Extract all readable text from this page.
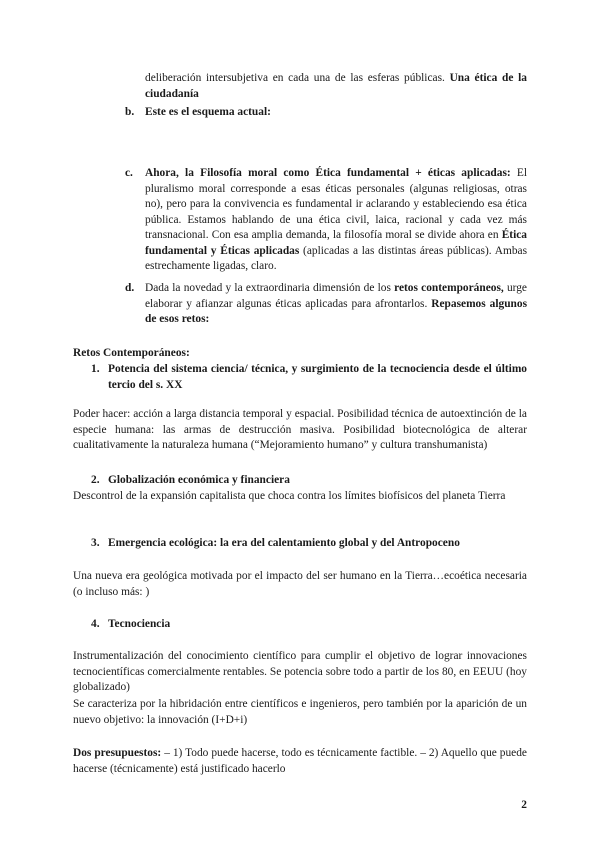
deliberación intersubjetiva en cada una de las esferas públicas. Una ética de la ciudadanía
b. Este es el esquema actual:
c. Ahora, la Filosofía moral como Ética fundamental + éticas aplicadas: El pluralismo moral corresponde a esas éticas personales (algunas religiosas, otras no), pero para la convivencia es fundamental ir aclarando y estableciendo esa ética pública. Estamos hablando de una ética civil, laica, racional y cada vez más transnacional. Con esa amplia demanda, la filosofía moral se divide ahora en Ética fundamental y Éticas aplicadas (aplicadas a las distintas áreas públicas). Ambas estrechamente ligadas, claro.
d. Dada la novedad y la extraordinaria dimensión de los retos contemporáneos, urge elaborar y afianzar algunas éticas aplicadas para afrontarlos. Repasemos algunos de esos retos:
Retos Contemporáneos:
1. Potencia del sistema ciencia/ técnica, y surgimiento de la tecnociencia desde el último tercio del s. XX
Poder hacer: acción a larga distancia temporal y espacial. Posibilidad técnica de autoextinción de la especie humana: las armas de destrucción masiva. Posibilidad biotecnológica de alterar cualitativamente la naturaleza humana (“Mejoramiento humano” y cultura transhumanista)
2. Globalización económica y financiera
Descontrol de la expansión capitalista que choca contra los límites biofísicos del planeta Tierra
3. Emergencia ecológica: la era del calentamiento global y del Antropoceno
Una nueva era geológica motivada por el impacto del ser humano en la Tierra…ecoética necesaria (o incluso más: )
4. Tecnociencia
Instrumentalización del conocimiento científico para cumplir el objetivo de lograr innovaciones tecnocientíficas comercialmente rentables. Se potencia sobre todo a partir de los 80, en EEUU (hoy globalizado)
Se caracteriza por la hibridación entre científicos e ingenieros, pero también por la aparición de un nuevo objetivo: la innovación (I+D+i)
Dos presupuestos: – 1) Todo puede hacerse, todo es técnicamente factible. – 2) Aquello que puede hacerse (técnicamente) está justificado hacerlo
2
